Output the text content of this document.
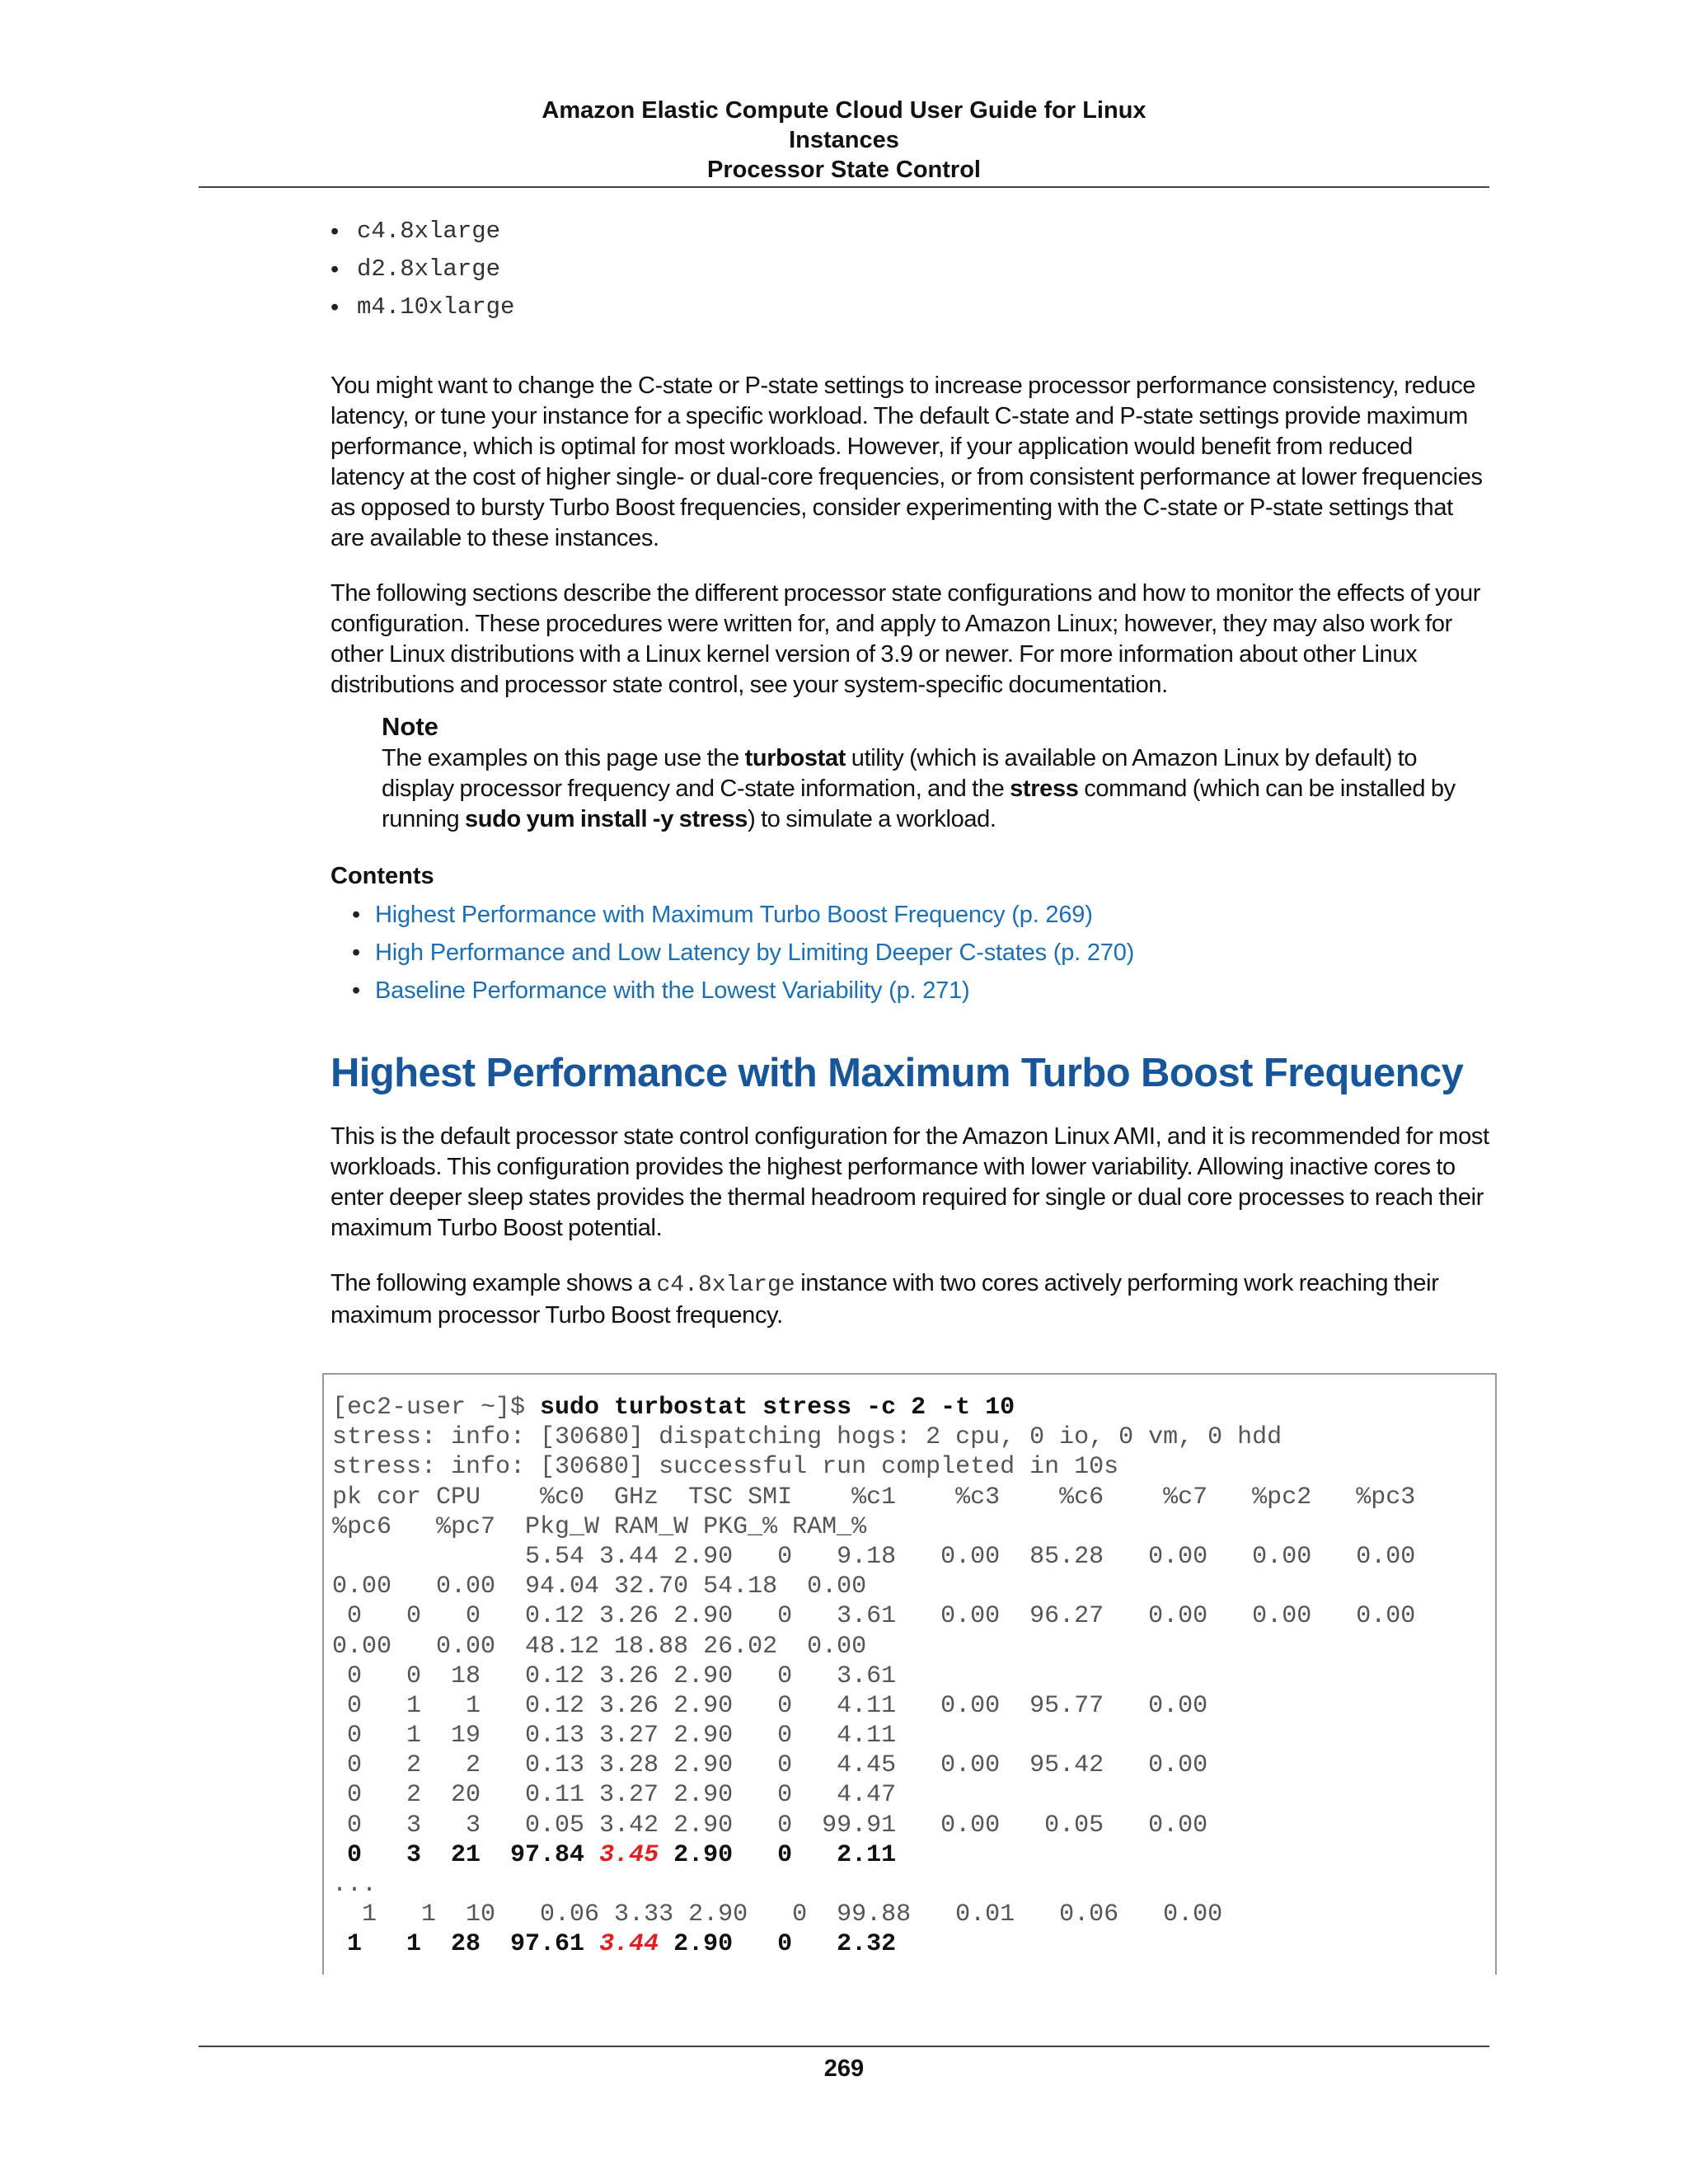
Amazon Elastic Compute Cloud User Guide for Linux
Instances
Processor State Control
• c4.8xlarge
• d2.8xlarge
• m4.10xlarge

You might want to change the C-state or P-state settings to increase processor performance consistency, reduce latency, or tune your instance for a specific workload. The default C-state and P-state settings provide maximum performance, which is optimal for most workloads. However, if your application would benefit from reduced latency at the cost of higher single- or dual-core frequencies, or from consistent performance at lower frequencies as opposed to bursty Turbo Boost frequencies, consider experimenting with the C-state or P-state settings that are available to these instances.

The following sections describe the different processor state configurations and how to monitor the effects of your configuration. These procedures were written for, and apply to Amazon Linux; however, they may also work for other Linux distributions with a Linux kernel version of 3.9 or newer. For more information about other Linux distributions and processor state control, see your system-specific documentation.

Note

The examples on this page use the turbostat utility (which is available on Amazon Linux by default) to display processor frequency and C-state information, and the stress command (which can be installed by running sudo yum install -y stress) to simulate a workload.

Contents
• Highest Performance with Maximum Turbo Boost Frequency (p. 269)
• High Performance and Low Latency by Limiting Deeper C-states (p. 270)
• Baseline Performance with the Lowest Variability (p. 271)
Highest Performance with Maximum Turbo Boost Frequency

This is the default processor state control configuration for the Amazon Linux AMI, and it is recommended for most workloads. This configuration provides the highest performance with lower variability. Allowing inactive cores to enter deeper sleep states provides the thermal headroom required for single or dual core processes to reach their maximum Turbo Boost potential.

The following example shows a c4.8xlarge instance with two cores actively performing work reaching their maximum processor Turbo Boost frequency.

[ec2-user ~]$ sudo turbostat stress -c 2 -t 10
stress: info: [30680] dispatching hogs: 2 cpu, 0 io, 0 vm, 0 hdd
stress: info: [30680] successful run completed in 10s
pk cor CPU    %c0  GHz  TSC SMI    %c1    %c3    %c6    %c7   %pc2   %pc3
%pc6   %pc7  Pkg_W RAM_W PKG_% RAM_%
5.54 3.44 2.90   0   9.18   0.00  85.28   0.00   0.00   0.00
0.00   0.00  94.04 32.70 54.18  0.00
0   0   0   0.12 3.26 2.90   0   3.61   0.00  96.27   0.00   0.00   0.00
0.00   0.00  48.12 18.88 26.02  0.00
0   0  18   0.12 3.26 2.90   0   3.61
0   1   1   0.12 3.26 2.90   0   4.11   0.00  95.77   0.00
0   1  19   0.13 3.27 2.90   0   4.11
0   2   2   0.13 3.28 2.90   0   4.45   0.00  95.42   0.00
0   2  20   0.11 3.27 2.90   0   4.47
0   3   3   0.05 3.42 2.90   0  99.91   0.00   0.05   0.00
0   3  21  97.84 3.45 2.90   0   2.11
...
1   1  10   0.06 3.33 2.90   0  99.88   0.01   0.06   0.00
1   1  28  97.61 3.44 2.90   0   2.32
269
